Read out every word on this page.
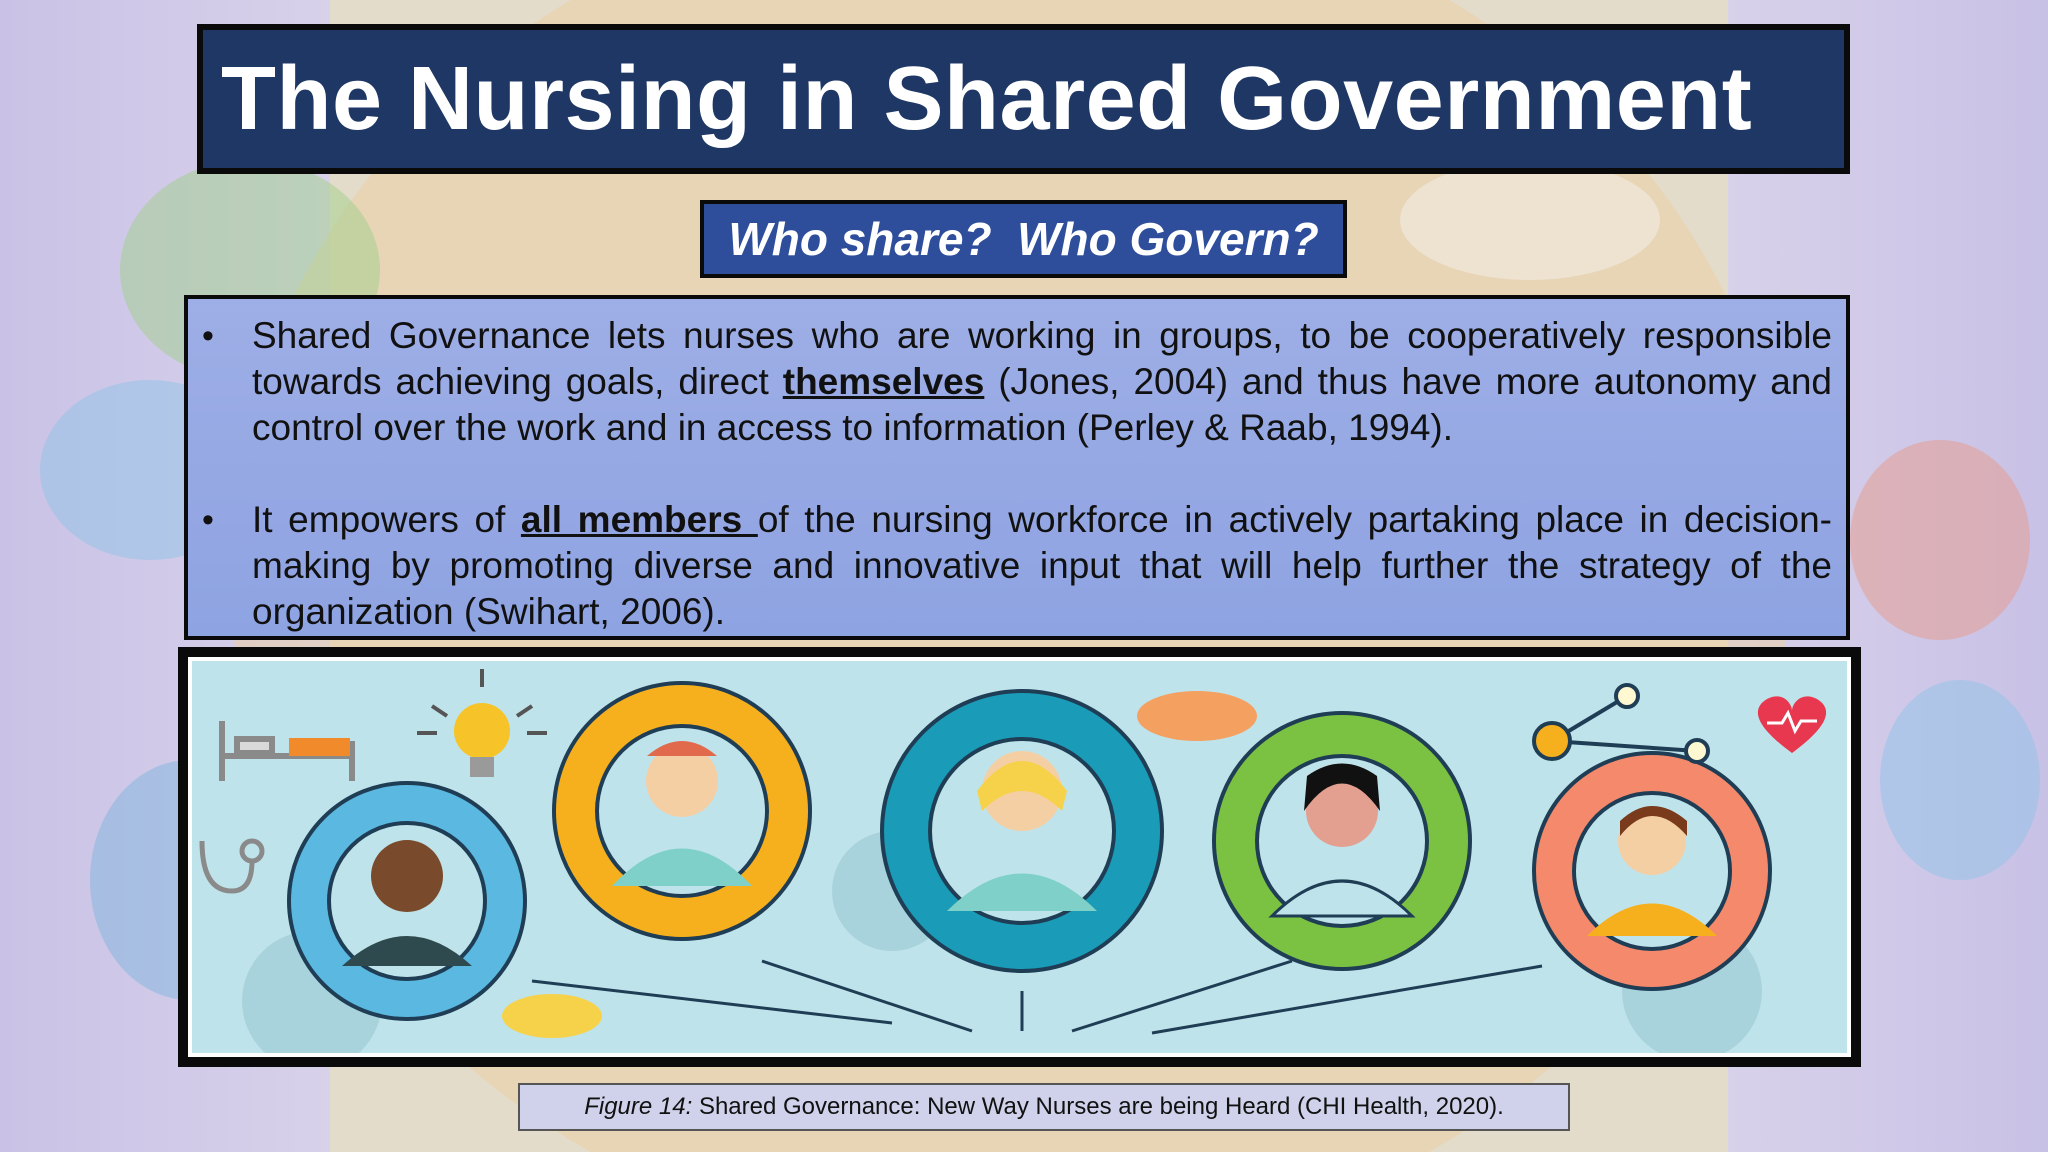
The Nursing in Shared Government
Who share?  Who Govern?
•	Shared Governance lets nurses who are working in groups, to be cooperatively responsible towards achieving goals, direct themselves (Jones, 2004) and thus have more autonomy and control over the work and in access to information (Perley & Raab, 1994).
•	It empowers of all members of the nursing workforce in actively partaking place in decision-making by promoting diverse and innovative input that will help further the strategy of the organization (Swihart, 2006).
Figure 14: Shared Governance: New Way Nurses are being Heard (CHI Health, 2020).
